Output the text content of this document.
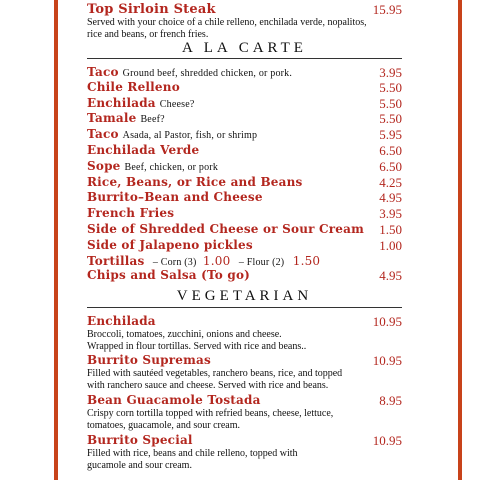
Top Sirloin Steak	15.95
Served with your choice of a chile relleno, enchilada verde, nopalitos, rice and beans, or french fries.
A LA CARTE
Taco Ground beef, shredded chicken, or pork.	3.95
Chile Relleno	5.50
Enchilada Cheese?	5.50
Tamale Beef?	5.50
Taco Asada, al Pastor, fish, or shrimp	5.95
Enchilada Verde	6.50
Sope Beef, chicken, or pork	6.50
Rice, Beans, or Rice and Beans	4.25
Burrito–Bean and Cheese	4.95
French Fries	3.95
Side of Shredded Cheese or Sour Cream 1.50
Side of Jalapeno pickles	1.00
Tortillas – Corn (3) 1.00 – Flour (2) 1.50
Chips and Salsa (To go)	4.95
VEGETARIAN
Enchilada	10.95
Broccoli, tomatoes, zucchini, onions and cheese.
Wrapped in flour tortillas. Served with rice and beans..
Burrito Supremas	10.95
Filled with sautéed vegetables, ranchero beans, rice, and topped
with ranchero sauce and cheese. Served with rice and beans.
Bean Guacamole Tostada	8.95
Crispy corn tortilla topped with refried beans, cheese, lettuce,
tomatoes, guacamole, and sour cream.
Burrito Special	10.95
Filled with rice, beans and chile relleno, topped with
gucamole and sour cream.
